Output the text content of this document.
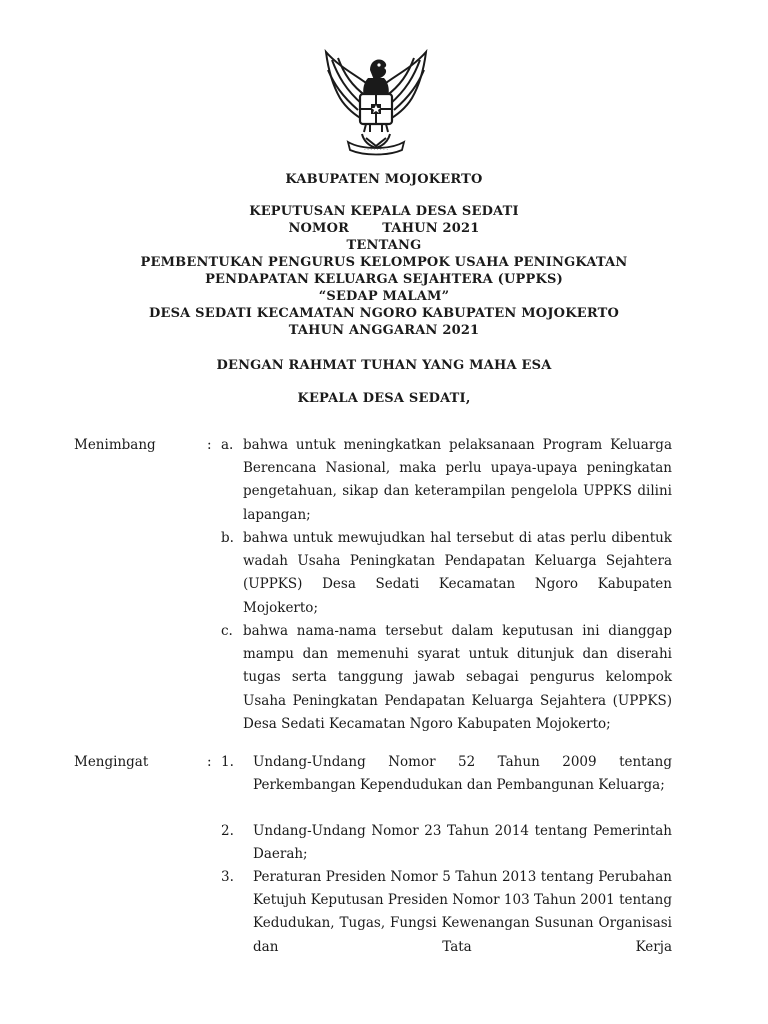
· · · · · · · ·
KABUPATEN MOJOKERTO
KEPUTUSAN KEPALA DESA SEDATI
NOMOR       TAHUN 2021
TENTANG
PEMBENTUKAN PENGURUS KELOMPOK USAHA PENINGKATAN
PENDAPATAN KELUARGA SEJAHTERA (UPPKS)
“SEDAP MALAM”
DESA SEDATI KECAMATAN NGORO KABUPATEN MOJOKERTO
TAHUN ANGGARAN 2021
DENGAN RAHMAT TUHAN YANG MAHA ESA
KEPALA DESA SEDATI,
Menimbang	: a. bahwa untuk meningkatkan pelaksanaan Program Keluarga Berencana Nasional, maka perlu upaya-upaya peningkatan pengetahuan, sikap dan keterampilan pengelola UPPKS dilini lapangan;

b. bahwa untuk mewujudkan hal tersebut di atas perlu dibentuk wadah Usaha Peningkatan Pendapatan Keluarga Sejahtera (UPPKS) Desa Sedati Kecamatan Ngoro Kabupaten Mojokerto;

c. bahwa nama-nama tersebut dalam keputusan ini dianggap mampu dan memenuhi syarat untuk ditunjuk dan diserahi tugas serta tanggung jawab sebagai pengurus kelompok Usaha Peningkatan Pendapatan Keluarga Sejahtera (UPPKS) Desa Sedati Kecamatan Ngoro Kabupaten Mojokerto;

Mengingat	: 1.	Undang-Undang Nomor 52 Tahun 2009 tentang Perkembangan Kependudukan dan Pembangunan Keluarga;

2.	Undang-Undang Nomor 23 Tahun 2014 tentang Pemerintah Daerah;

3.	Peraturan Presiden Nomor 5 Tahun 2013 tentang Perubahan Ketujuh Keputusan Presiden Nomor 103 Tahun 2001 tentang Kedudukan, Tugas, Fungsi Kewenangan Susunan Organisasi dan Tata Kerja
